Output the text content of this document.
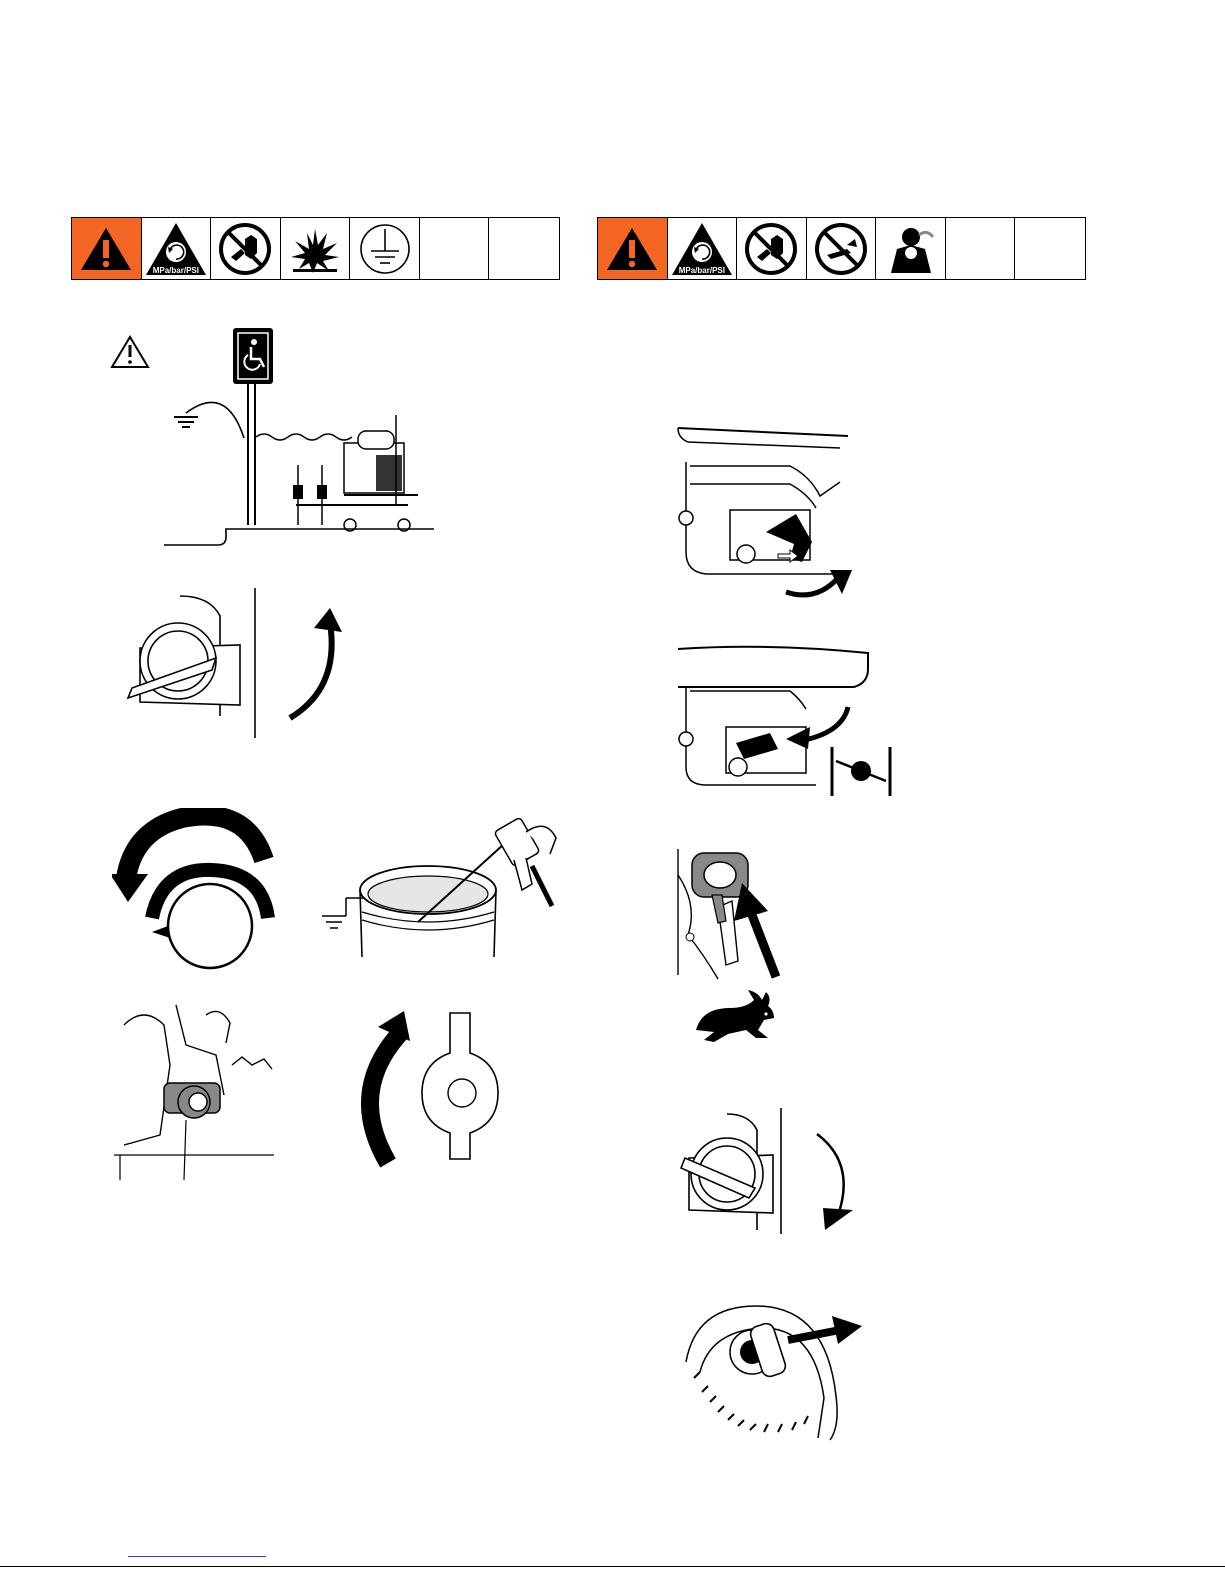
MPa/bar/PSI	MPa/bar/PSI
